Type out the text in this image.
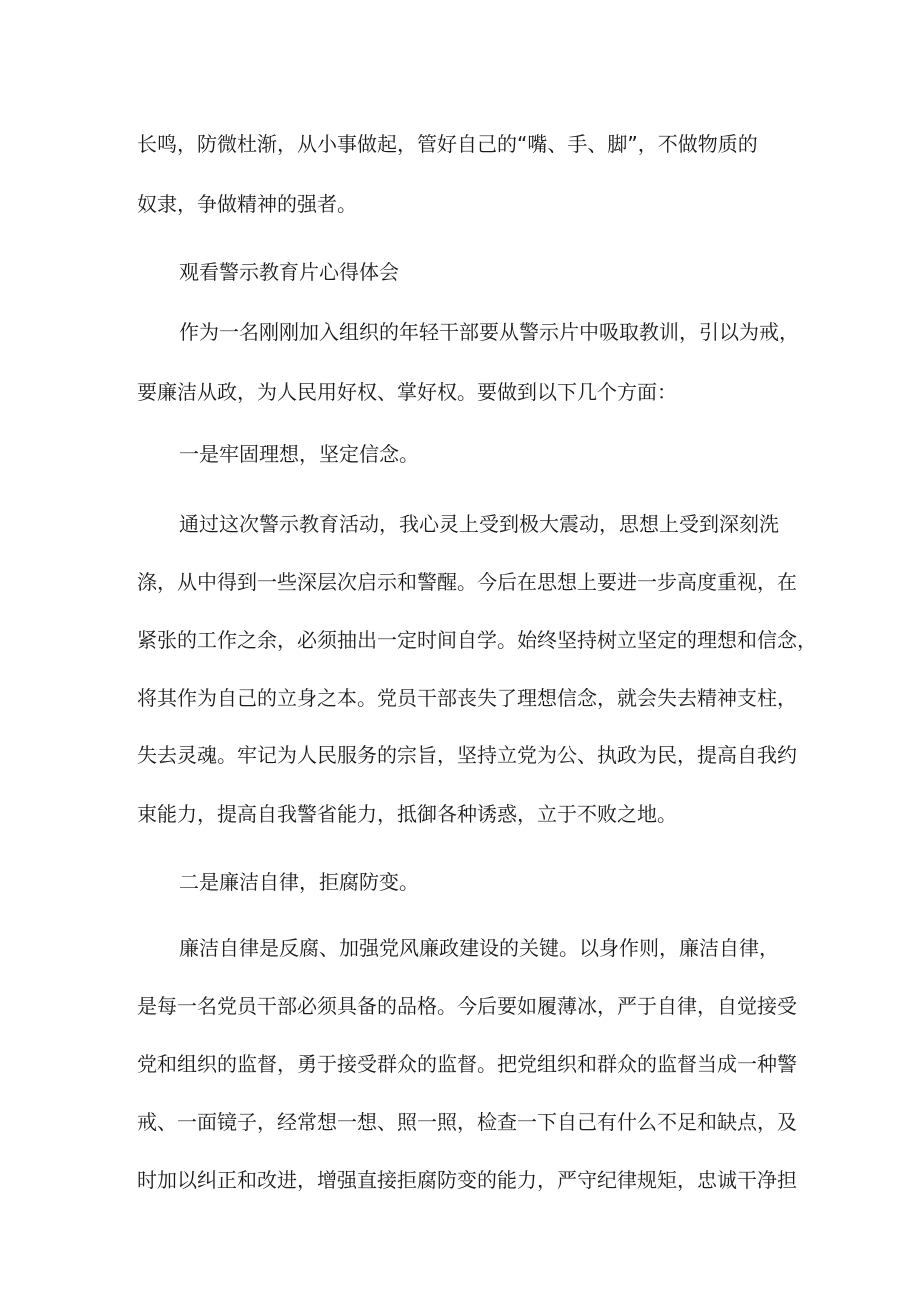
长鸣，防微杜渐，从小事做起，管好自己的“嘴、手、脚”，不做物质的
奴隶，争做精神的强者。
观看警示教育片心得体会
作为一名刚刚加入组织的年轻干部要从警示片中吸取教训，引以为戒，
要廉洁从政，为人民用好权、掌好权。要做到以下几个方面：
一是牢固理想，坚定信念。
通过这次警示教育活动，我心灵上受到极大震动，思想上受到深刻洗
涤，从中得到一些深层次启示和警醒。今后在思想上要进一步高度重视，在
紧张的工作之余，必须抽出一定时间自学。始终坚持树立坚定的理想和信念，
将其作为自己的立身之本。党员干部丧失了理想信念，就会失去精神支柱，
失去灵魂。牢记为人民服务的宗旨，坚持立党为公、执政为民，提高自我约
束能力，提高自我警省能力，抵御各种诱惑，立于不败之地。
二是廉洁自律，拒腐防变。
廉洁自律是反腐、加强党风廉政建设的关键。以身作则，廉洁自律，
是每一名党员干部必须具备的品格。今后要如履薄冰，严于自律，自觉接受
党和组织的监督，勇于接受群众的监督。把党组织和群众的监督当成一种警
戒、一面镜子，经常想一想、照一照，检查一下自己有什么不足和缺点，及
时加以纠正和改进，增强直接拒腐防变的能力，严守纪律规矩，忠诚干净担
